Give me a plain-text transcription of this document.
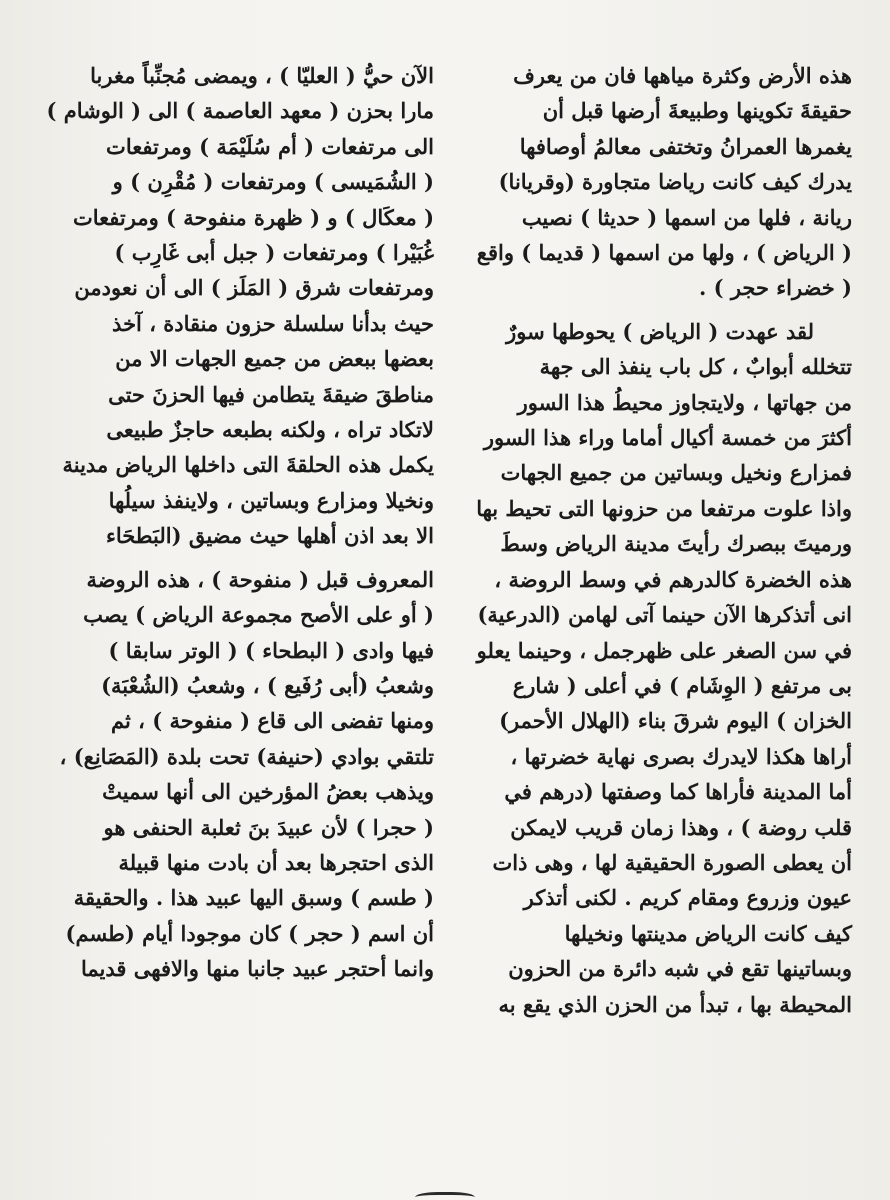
هذه الأرض وكثرة مياهها فان من يعرف
حقيقةَ تكوينها وطبيعةَ أرضها قبل أن
يغمرها العمرانُ وتختفى معالمُ أوصافها
يدرك كيف كانت رياضا متجاورة (وقريانا)
ريانة ، فلها من اسمها ( حديثا ) نصيب
( الرياض ) ، ولها من اسمها ( قديما ) واقع
( خضراء حجر ) .

لقد عهدت ( الرياض ) يحوطها سورٌ
تتخلله أبوابٌ ، كل باب ينفذ الى جهة
من جهاتها ، ولايتجاوز محيطُ هذا السور
أكثرَ من خمسة أكيال أماما وراء هذا السور
فمزارع ونخيل وبساتين من جميع الجهات
واذا علوت مرتفعا من حزونها التى تحيط بها
ورميتَ ببصرك رأيتَ مدينة الرياض وسطَ
هذه الخضرة كالدرهم في وسط الروضة ،
انى أتذكرها الآن حينما آتى لهامن (الدرعية)
في سن الصغر على ظهرجمل ، وحينما يعلو
بى مرتفع ( الوِشَام ) في أعلى ( شارع
الخزان ) اليوم شرقَ بناء (الهلال الأحمر)
أراها هكذا لايدرك بصرى نهاية خضرتها ،
أما المدينة فأراها كما وصفتها (درهم في
قلب روضة ) ، وهذا زمان قريب لايمكن
أن يعطى الصورة الحقيقية لها ، وهى ذات
عيون وزروع ومقام كريم . لكنى أتذكر
كيف كانت الرياض مدينتها ونخيلها
وبساتينها تقع في شبه دائرة من الحزون
المحيطة بها ، تبدأ من الحزن الذي يقع به

الآن حيُّ ( العليّا ) ، ويمضى مُجنِّباً مغربا
مارا بحزن ( معهد العاصمة ) الى ( الوشام )
الى مرتفعات ( أم سُلَيْمَة ) ومرتفعات
( الشُمَيسى ) ومرتفعات ( مُقْرِن ) و
( معكَال ) و ( ظهرة منفوحة ) ومرتفعات
غُبَيْرا ) ومرتفعات ( جبل أبى غَارِب )
ومرتفعات شرق ( المَلَز ) الى أن نعودمن
حيث بدأنا سلسلة حزون منقادة ، آخذ
بعضها ببعض من جميع الجهات الا من
مناطقَ ضيقةَ يتطامن فيها الحزنَ حتى
لاتكاد تراه ، ولكنه بطبعه حاجزٌ طبيعى
يكمل هذه الحلقةَ التى داخلها الرياض مدينة
ونخيلا ومزارع وبساتين ، ولاينفذ سيلُها
الا بعد اذن أهلها حيث مضيق (البَطحَاء

المعروف قبل ( منفوحة ) ، هذه الروضة
( أو على الأصح مجموعة الرياض ) يصب
فيها وادى ( البطحاء ) ( الوتر سابقا )
وشعبُ (أبى رُفَيع ) ، وشعبُ (الشُعْبَة)
ومنها تفضى الى قاع ( منفوحة ) ، ثم
تلتقي بوادي (حنيفة) تحت بلدة (المَصَانِع) ،
ويذهب بعضُ المؤرخين الى أنها سميتْ
( حجرا ) لأن عبيدَ بنَ ثعلبة الحنفى هو
الذى احتجرها بعد أن بادت منها قبيلة
( طسم ) وسبق اليها عبيد هذا . والحقيقة
أن اسم ( حجر ) كان موجودا أيام (طسم)
وانما أحتجر عبيد جانبا منها والافهى قديما
